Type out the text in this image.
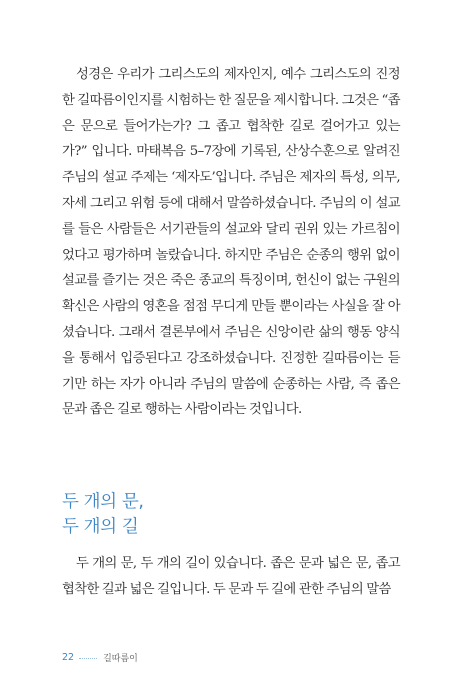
성경은 우리가 그리스도의 제자인지, 예수 그리스도의 진정한 길따름이인지를 시험하는 한 질문을 제시합니다. 그것은 “좁은 문으로 들어가는가? 그 좁고 협착한 길로 걸어가고 있는가?” 입니다. 마태복음 5–7장에 기록된, 산상수훈으로 알려진 주님의 설교 주제는 ‘제자도’입니다. 주님은 제자의 특성, 의무, 자세 그리고 위험 등에 대해서 말씀하셨습니다. 주님의 이 설교를 들은 사람들은 서기관들의 설교와 달리 권위 있는 가르침이었다고 평가하며 놀랐습니다. 하지만 주님은 순종의 행위 없이 설교를 즐기는 것은 죽은 종교의 특징이며, 헌신이 없는 구원의 확신은 사람의 영혼을 점점 무디게 만들 뿐이라는 사실을 잘 아셨습니다. 그래서 결론부에서 주님은 신앙이란 삶의 행동 양식을 통해서 입증된다고 강조하셨습니다. 진정한 길따름이는 듣기만 하는 자가 아니라 주님의 말씀에 순종하는 사람, 즉 좁은 문과 좁은 길로 행하는 사람이라는 것입니다.

두 개의 문,
두 개의 길

두 개의 문, 두 개의 길이 있습니다. 좁은 문과 넓은 문, 좁고 협착한 길과 넓은 길입니다. 두 문과 두 길에 관한 주님의 말씀

22	길따름이
